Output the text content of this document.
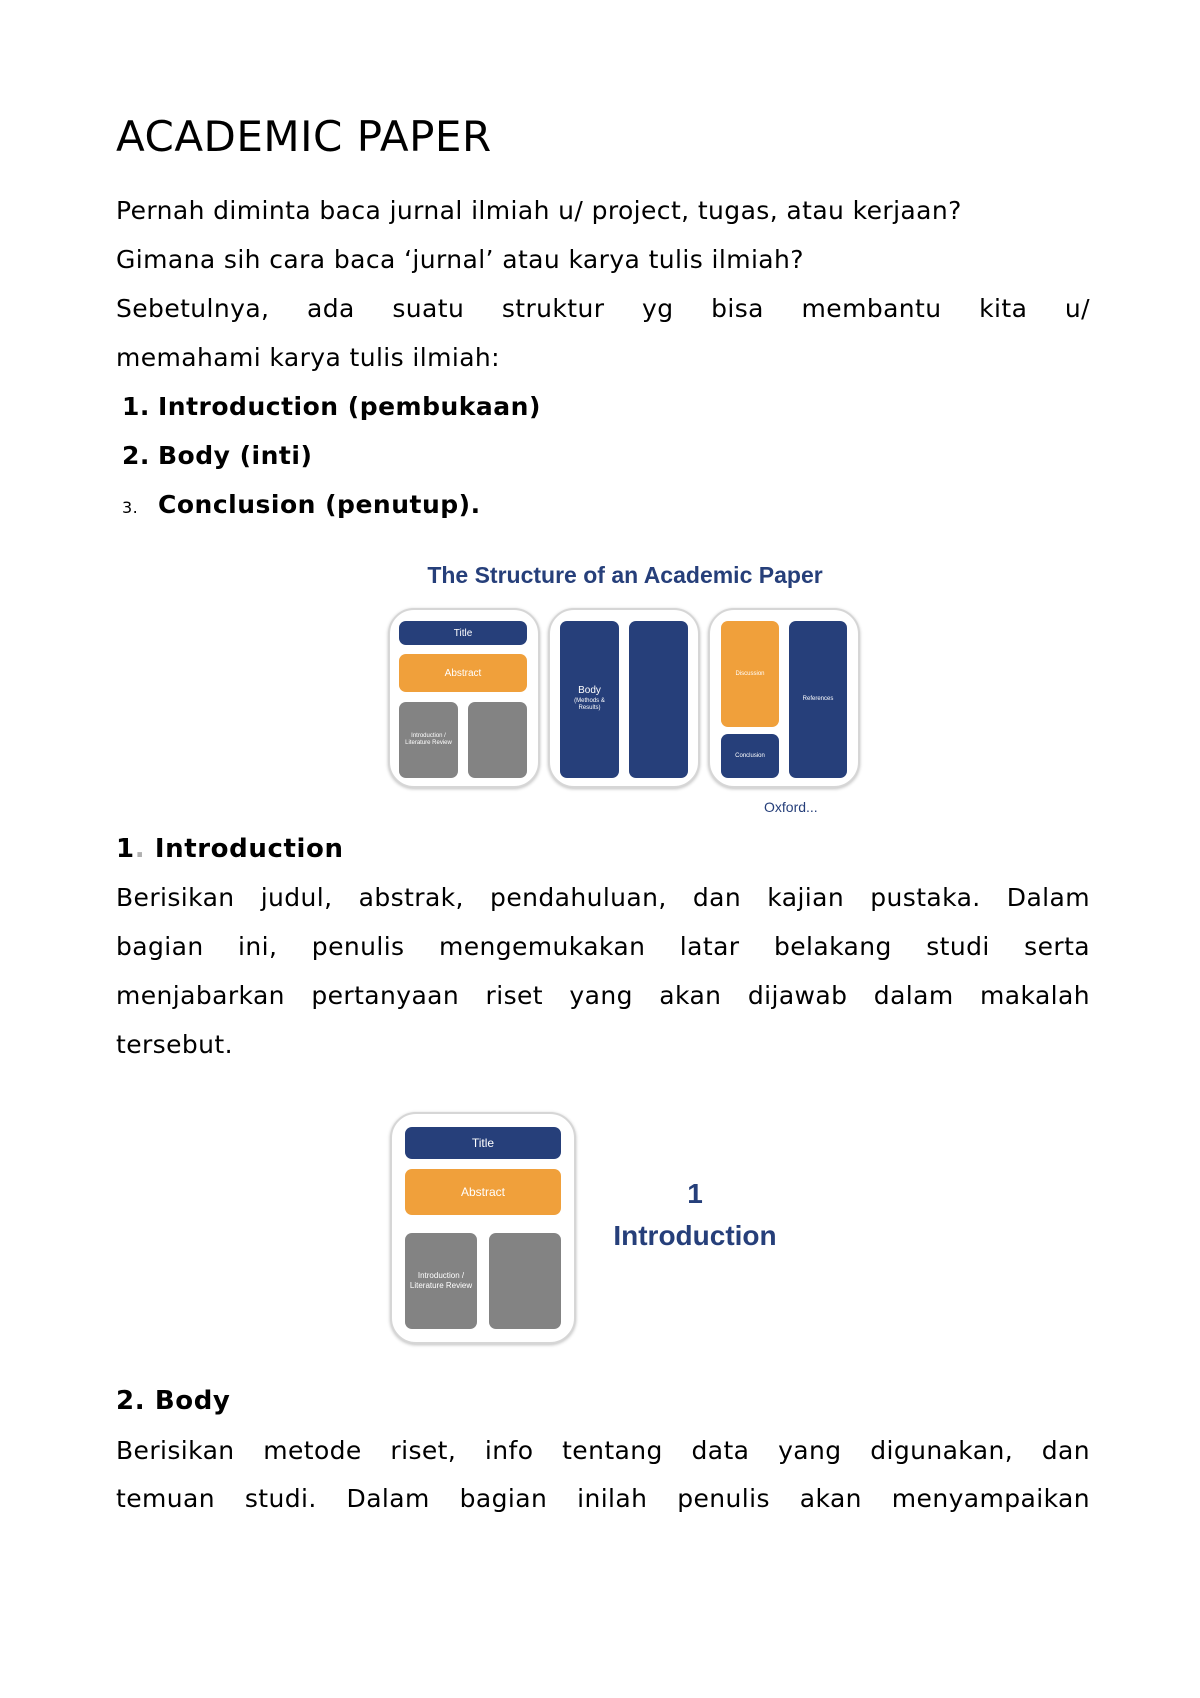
ACADEMIC PAPER
Pernah diminta baca jurnal ilmiah u/ project, tugas, atau kerjaan?
Gimana sih cara baca ‘jurnal’ atau karya tulis ilmiah?
Sebetulnya, ada suatu struktur yg bisa membantu kita u/
memahami karya tulis ilmiah:
1. Introduction (pembukaan)
2. Body (inti)
3. Conclusion (penutup).
The Structure of an Academic Paper
Title
Abstract
Introduction / Literature Review
Body
(Methods & Results)
Discussion
Conclusion
References
Oxford...
1. Introduction
Berisikan judul, abstrak, pendahuluan, dan kajian pustaka. Dalam
bagian ini, penulis mengemukakan latar belakang studi serta
menjabarkan pertanyaan riset yang akan dijawab dalam makalah
tersebut.
Title
Abstract
Introduction / Literature Review
1
Introduction
2. Body
Berisikan metode riset, info tentang data yang digunakan, dan
temuan studi. Dalam bagian inilah penulis akan menyampaikan
